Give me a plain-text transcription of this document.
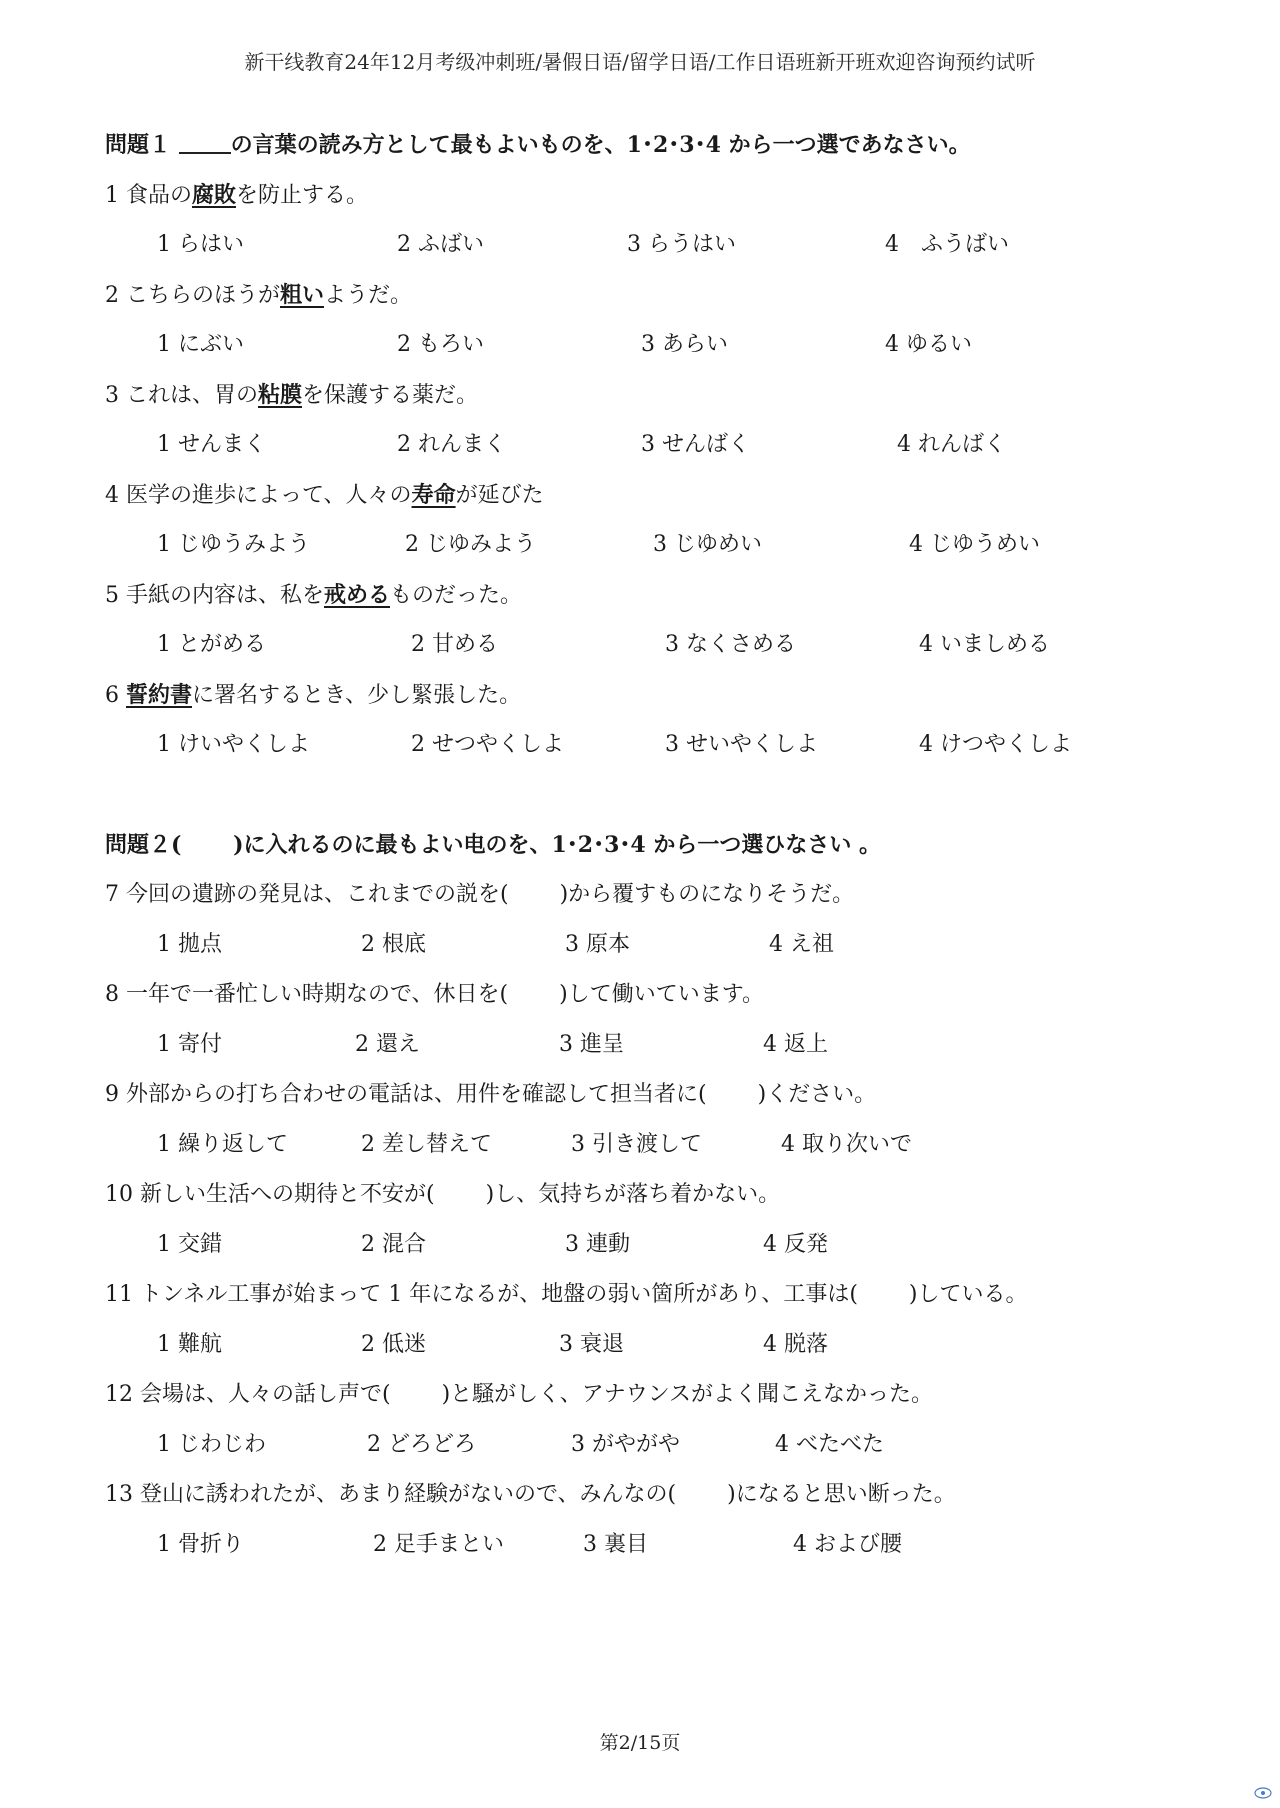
新干线教育24年12月考级冲刺班/暑假日语/留学日语/工作日语班新开班欢迎咨询预约试听
問題１ の言葉の読み方として最もよいものを、1･2･3･4 から一つ選であなさい。
1 食品の腐敗を防止する。
1 らはい	2 ふばい	3 らうはい	4　ふうばい
2 こちらのほうが粗いようだ。
1 にぶい	2 もろい	3 あらい	4 ゆるい
3 これは、胃の粘膜を保護する薬だ。
1 せんまく	2 れんまく	3 せんばく	4 れんばく
4 医学の進歩によって、人々の寿命が延びた
1 じゆうみよう	2 じゆみよう	3 じゆめい	4 じゆうめい
5 手紙の内容は、私を戒めるものだった。
1 とがめる	2 甘める	3 なくさめる	4 いましめる
6 誓約書に署名するとき、少し緊張した。
1 けいやくしよ	2 せつやくしよ	3 せいやくしよ	4 けつやくしよ
問題２(　　 )に入れるのに最もよい电のを、1･2･3･4 から一つ選ひなさい 。
7 今回の遺跡の発見は、これまでの説を(　　 )から覆すものになりそうだ。
1 拋点	2 根底	3 原本	4 え祖
8 一年で一番忙しい時期なので、休日を(　　 )して働いています。
1 寄付	2 還え	3 進呈	4 返上
9 外部からの打ち合わせの電話は、用件を確認して担当者に(　　 )ください。
1 繰り返して	2 差し替えて	3 引き渡して	4 取り次いで
10 新しい生活への期待と不安が(　　 )し、気持ちが落ち着かない。
1 交錯	2 混合	3 連動	4 反発
11 トンネル工事が始まって 1 年になるが、地盤の弱い箇所があり、工事は(　　 )している。
1 難航	2 低迷	3 衰退	4 脱落
12 会場は、人々の話し声で(　　 )と騒がしく、アナウンスがよく聞こえなかった。
1 じわじわ	2 どろどろ	3 がやがや	4 べたべた
13 登山に誘われたが、あまり経験がないので、みんなの(　　 )になると思い断った。
1 骨折り	2 足手まとい	3 裏目	4 および腰
第2/15页
